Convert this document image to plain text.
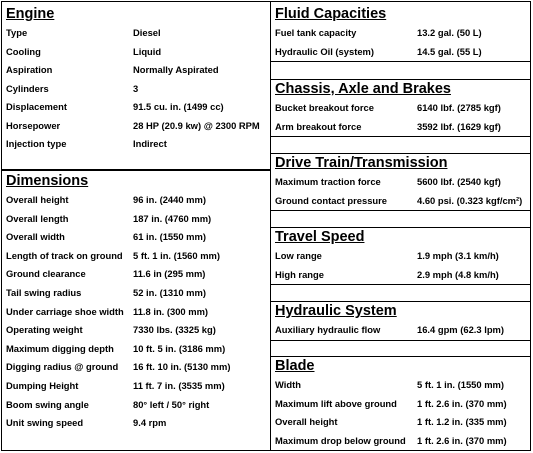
Engine
Type	Diesel
Cooling	Liquid
Aspiration	Normally Aspirated
Cylinders	3
Displacement	91.5 cu. in. (1499 cc)
Horsepower	28 HP (20.9 kw) @ 2300 RPM
Injection type	Indirect
Dimensions
Overall height	96 in. (2440 mm)
Overall length	187 in. (4760 mm)
Overall width	61 in. (1550 mm)
Length of track on ground 5 ft. 1 in. (1560 mm)
Ground clearance	11.6 in (295 mm)
Tail swing radius	52 in. (1310 mm)
Under carriage shoe width 11.8 in. (300 mm)
Operating weight	7330 lbs. (3325 kg)
Maximum digging depth 10 ft. 5 in. (3186 mm)
Digging radius @ ground 16 ft. 10 in. (5130 mm)
Dumping Height	11 ft. 7 in. (3535 mm)
Boom swing angle	80° left / 50° right
Unit swing speed	9.4 rpm
Fluid Capacities
Fuel tank capacity	13.2 gal. (50 L)
Hydraulic Oil (system)	14.5 gal. (55 L)
Chassis, Axle and Brakes
Bucket breakout force	6140 lbf. (2785 kgf)
Arm breakout force	3592 lbf. (1629 kgf)
Drive Train/Transmission
Maximum traction force	5600 lbf. (2540 kgf)
Ground contact pressure	4.60 psi. (0.323 kgf/cm²)
Travel Speed
Low range	1.9 mph (3.1 km/h)
High range	2.9 mph (4.8 km/h)
Hydraulic System
Auxiliary hydraulic flow	16.4 gpm (62.3 lpm)
Blade
Width	5 ft. 1 in. (1550 mm)
Maximum lift above ground 1 ft. 2.6 in. (370 mm)
Overall height	1 ft. 1.2 in. (335 mm)
Maximum drop below ground 1 ft. 2.6 in. (370 mm)
